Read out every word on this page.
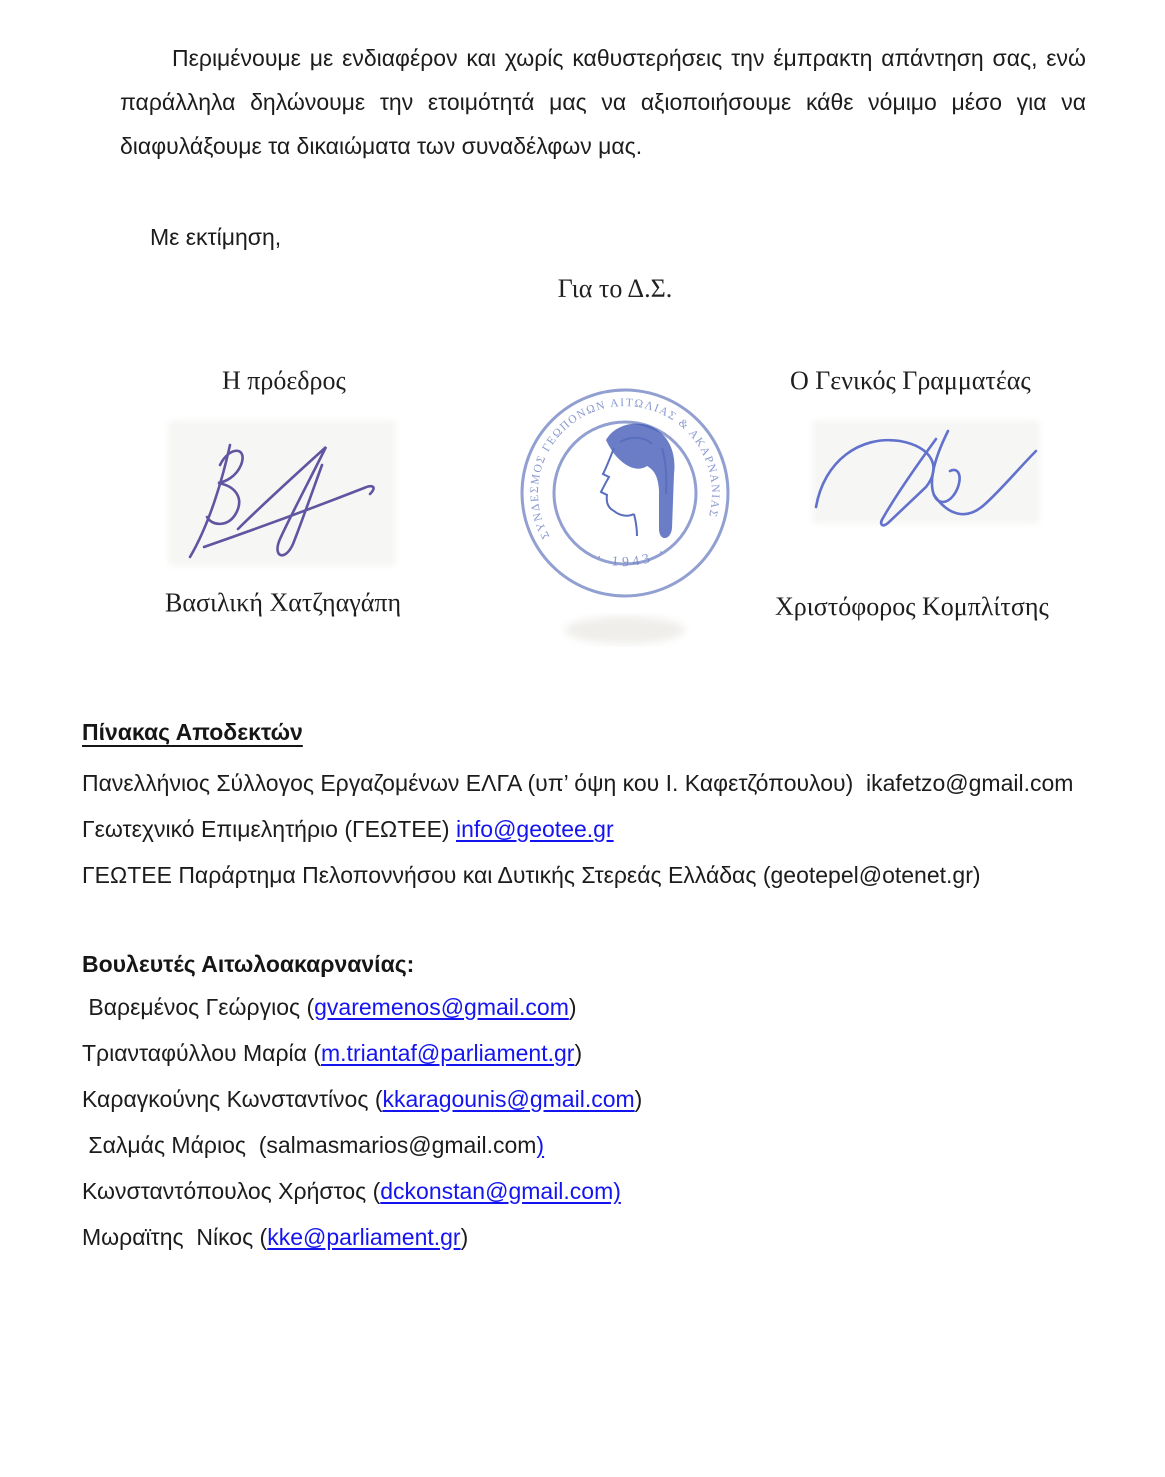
Περιμένουμε με ενδιαφέρον και χωρίς καθυστερήσεις την έμπρακτη απάντηση σας, ενώ παράλληλα δηλώνουμε την ετοιμότητά μας να αξιοποιήσουμε κάθε νόμιμο μέσο για να διαφυλάξουμε τα δικαιώματα των συναδέλφων μας.

Με εκτίμηση,
Για το Δ.Σ.
Η πρόεδρος	Ο Γενικός Γραμματέας
ΣΥΝΔΕΣΜΟΣ ΓΕΩΠΟΝΩΝ ΑΙΤΩΛΙΑΣ & ΑΚΑΡΝΑΝΙΑΣ
· 1943 ·
Βασιλική Χατζηαγάπη	Χριστόφορος Κομπλίτσης
Πίνακας Αποδεκτών
Πανελλήνιος Σύλλογος Εργαζομένων ΕΛΓΑ (υπ’ όψη κου Ι. Καφετζόπουλου)  ikafetzo@gmail.com
Γεωτεχνικό Επιμελητήριο (ΓΕΩΤΕΕ) info@geotee.gr
ΓΕΩΤΕΕ Παράρτημα Πελοποννήσου και Δυτικής Στερεάς Ελλάδας (geotepel@otenet.gr)
Βουλευτές Αιτωλοακαρνανίας:
Βαρεμένος Γεώργιος (gvaremenos@gmail.com)
Τριανταφύλλου Μαρία (m.triantaf@parliament.gr)
Καραγκούνης Κωνσταντίνος (kkaragounis@gmail.com)
Σαλμάς Μάριος  (salmasmarios@gmail.com)
Κωνσταντόπουλος Χρήστος (dckonstan@gmail.com)
Μωραϊτης  Νίκος (kke@parliament.gr)
